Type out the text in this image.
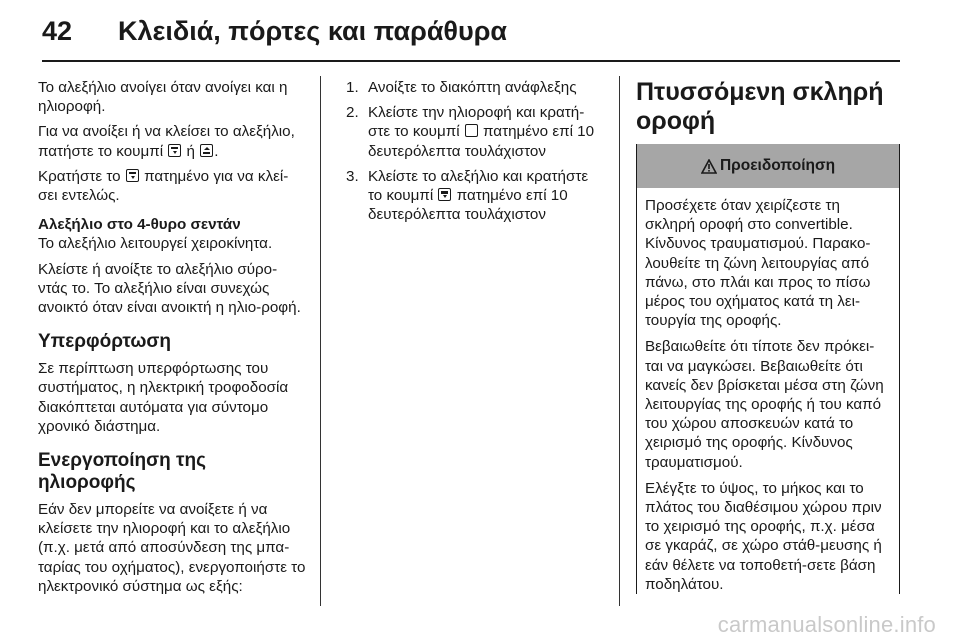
42 Κλειδιά, πόρτες και παράθυρα

Το αλεξήλιο ανοίγει όταν ανοίγει και η ηλιοροφή.

Για να ανοίξει ή να κλείσει το αλεξήλιο, πατήστε το κουμπί ή .

Κρατήστε το πατημένο για να κλεί-σει εντελώς.

Αλεξήλιο στο 4-θυρο σεντάν

Το αλεξήλιο λειτουργεί χειροκίνητα.

Κλείστε ή ανοίξτε το αλεξήλιο σύρο-ντάς το. Το αλεξήλιο είναι συνεχώς ανοικτό όταν είναι ανοικτή η ηλιο-ροφή.

Υπερφόρτωση

Σε περίπτωση υπερφόρτωσης του συστήματος, η ηλεκτρική τροφοδοσία διακόπτεται αυτόματα για σύντομο χρονικό διάστημα.

Ενεργοποίηση της ηλιοροφής

Εάν δεν μπορείτε να ανοίξετε ή να κλείσετε την ηλιοροφή και το αλεξήλιο (π.χ. μετά από αποσύνδεση της μπα-ταρίας του οχήματος), ενεργοποιήστε το ηλεκτρονικό σύστημα ως εξής:

1. Ανοίξτε το διακόπτη ανάφλεξης
2. Κλείστε την ηλιοροφή και κρατή-στε το κουμπί πατημένο επί 10 δευτερόλεπτα τουλάχιστον
3. Κλείστε το αλεξήλιο και κρατήστε το κουμπί πατημένο επί 10 δευτερόλεπτα τουλάχιστον
Πτυσσόμενη σκληρή οροφή
Προειδοποίηση

Προσέχετε όταν χειρίζεστε τη σκληρή οροφή στο convertible. Κίνδυνος τραυματισμού. Παρακο-λουθείτε τη ζώνη λειτουργίας από πάνω, στο πλάι και προς το πίσω μέρος του οχήματος κατά τη λει-τουργία της οροφής.

Βεβαιωθείτε ότι τίποτε δεν πρόκει-ται να μαγκώσει. Βεβαιωθείτε ότι κανείς δεν βρίσκεται μέσα στη ζώνη λειτουργίας της οροφής ή του καπό του χώρου αποσκευών κατά το χειρισμό της οροφής. Κίνδυνος τραυματισμού.

Ελέγξτε το ύψος, το μήκος και το πλάτος του διαθέσιμου χώρου πριν το χειρισμό της οροφής, π.χ. μέσα σε γκαράζ, σε χώρο στάθ-μευσης ή εάν θέλετε να τοποθετή-σετε βάση ποδηλάτου.

carmanualsonline.info
